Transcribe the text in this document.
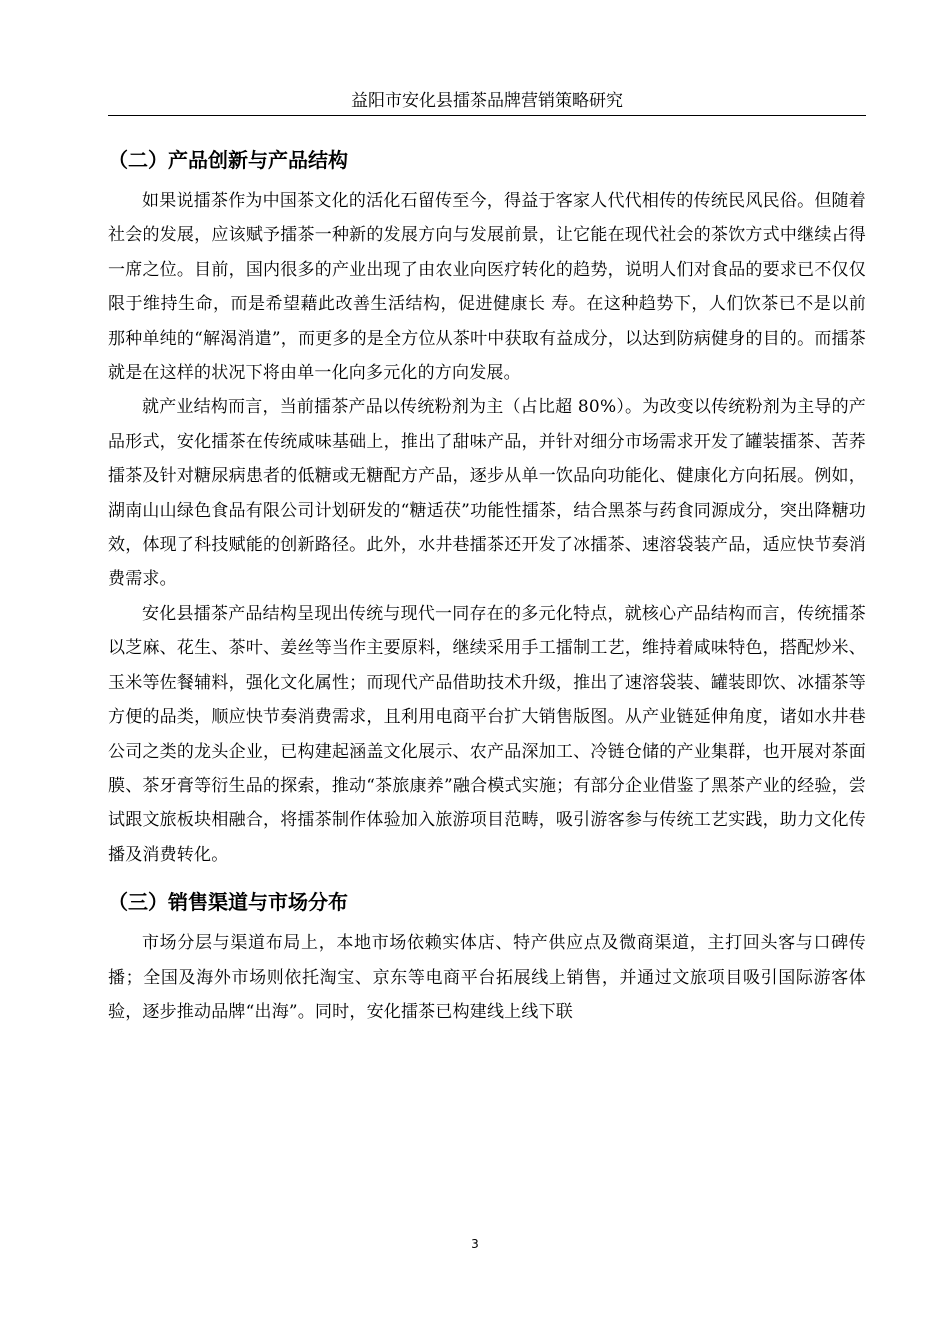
益阳市安化县擂茶品牌营销策略研究
（二）产品创新与产品结构

如果说擂茶作为中国茶文化的活化石留传至今，得益于客家人代代相传的传统民风民俗。但随着社会的发展，应该赋予擂茶一种新的发展方向与发展前景，让它能在现代社会的茶饮方式中继续占得一席之位。目前，国内很多的产业出现了由农业向医疗转化的趋势，说明人们对食品的要求已不仅仅限于维持生命，而是希望藉此改善生活结构，促进健康长 寿。在这种趋势下，人们饮茶已不是以前那种单纯的“解渴消遣”，而更多的是全方位从茶叶中获取有益成分，以达到防病健身的目的。而擂茶就是在这样的状况下将由单一化向多元化的方向发展。

就产业结构而言，当前擂茶产品以传统粉剂为主（占比超 80%）。为改变以传统粉剂为主导的产品形式，安化擂茶在传统咸味基础上，推出了甜味产品，并针对细分市场需求开发了罐装擂茶、苦荞擂茶及针对糖尿病患者的低糖或无糖配方产品，逐步从单一饮品向功能化、健康化方向拓展。例如，湖南山山绿色食品有限公司计划研发的“糖适茯”功能性擂茶，结合黑茶与药食同源成分，突出降糖功效，体现了科技赋能的创新路径。此外，水井巷擂茶还开发了冰擂茶、速溶袋装产品，适应快节奏消费需求。

安化县擂茶产品结构呈现出传统与现代一同存在的多元化特点，就核心产品结构而言，传统擂茶以芝麻、花生、茶叶、姜丝等当作主要原料，继续采用手工擂制工艺，维持着咸味特色，搭配炒米、玉米等佐餐辅料，强化文化属性；而现代产品借助技术升级，推出了速溶袋装、罐装即饮、冰擂茶等方便的品类，顺应快节奏消费需求，且利用电商平台扩大销售版图。从产业链延伸角度，诸如水井巷公司之类的龙头企业，已构建起涵盖文化展示、农产品深加工、冷链仓储的产业集群，也开展对茶面膜、茶牙膏等衍生品的探索，推动“茶旅康养”融合模式实施；有部分企业借鉴了黑茶产业的经验，尝试跟文旅板块相融合，将擂茶制作体验加入旅游项目范畴，吸引游客参与传统工艺实践，助力文化传播及消费转化。

（三）销售渠道与市场分布

市场分层与渠道布局上，本地市场依赖实体店、特产供应点及微商渠道，主打回头客与口碑传播；全国及海外市场则依托淘宝、京东等电商平台拓展线上销售，并通过文旅项目吸引国际游客体验，逐步推动品牌“出海”。同时，安化擂茶已构建线上线下联

3
